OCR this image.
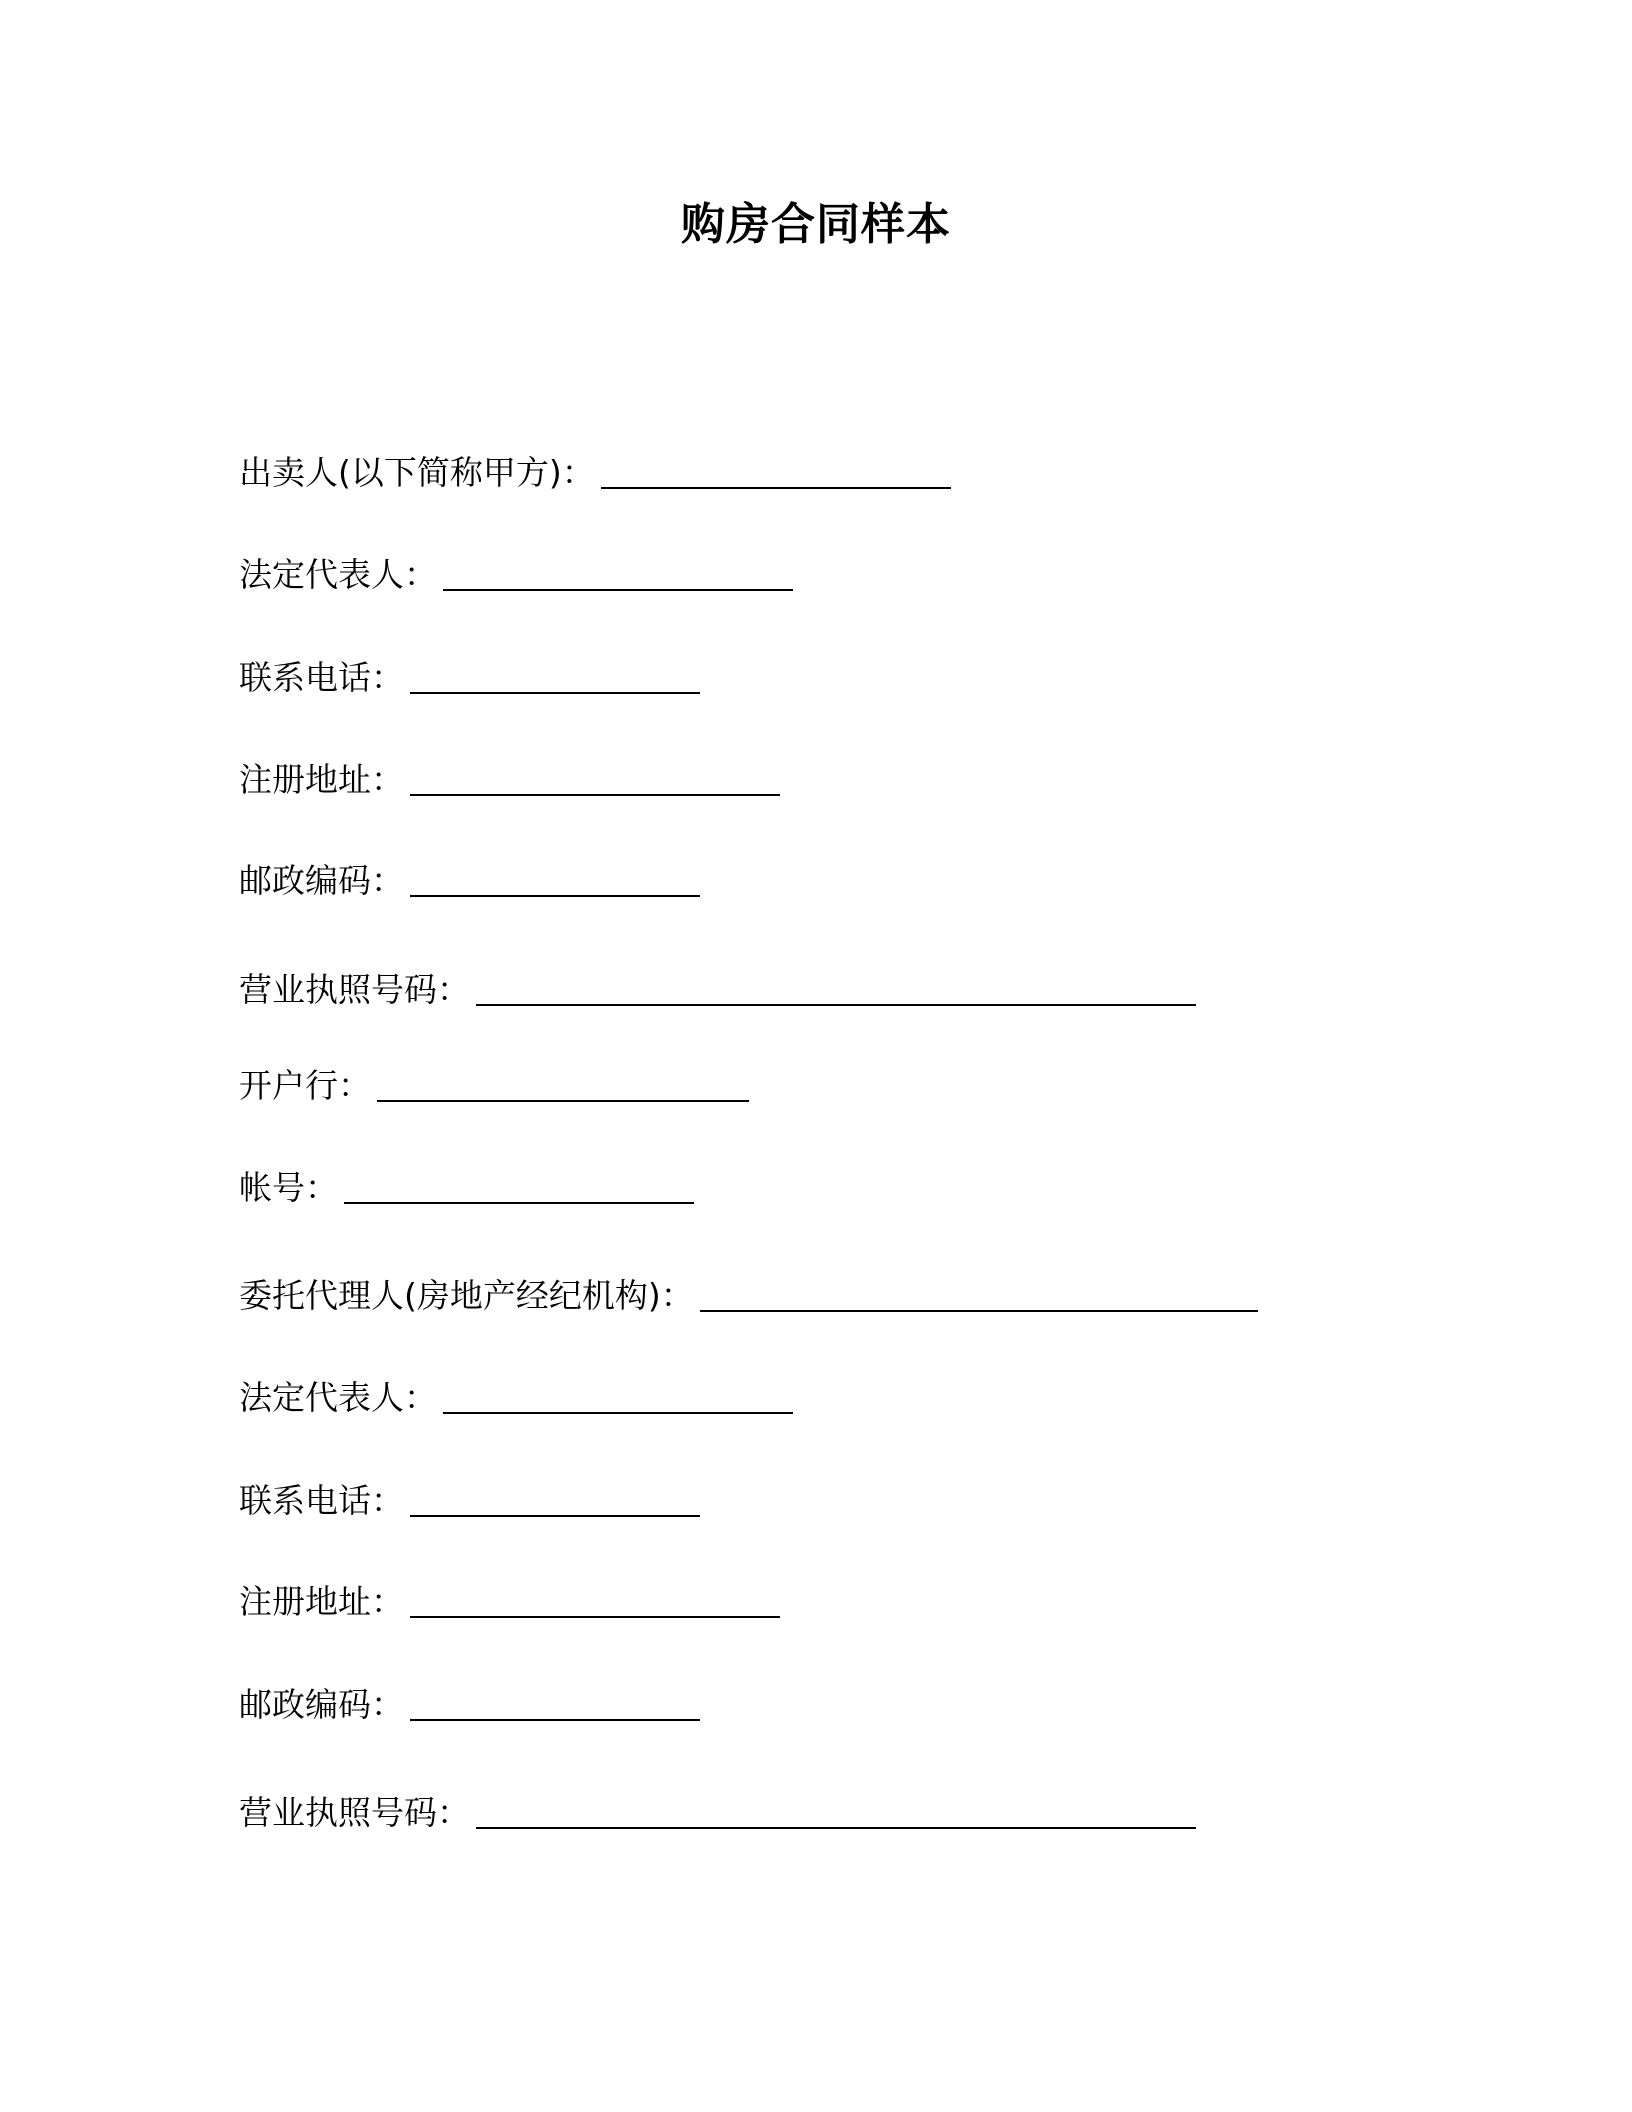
购房合同样本
出卖人(以下简称甲方)：
法定代表人：
联系电话：
注册地址：
邮政编码：
营业执照号码：
开户行：
帐号：
委托代理人(房地产经纪机构)：
法定代表人：
联系电话：
注册地址：
邮政编码：
营业执照号码：
